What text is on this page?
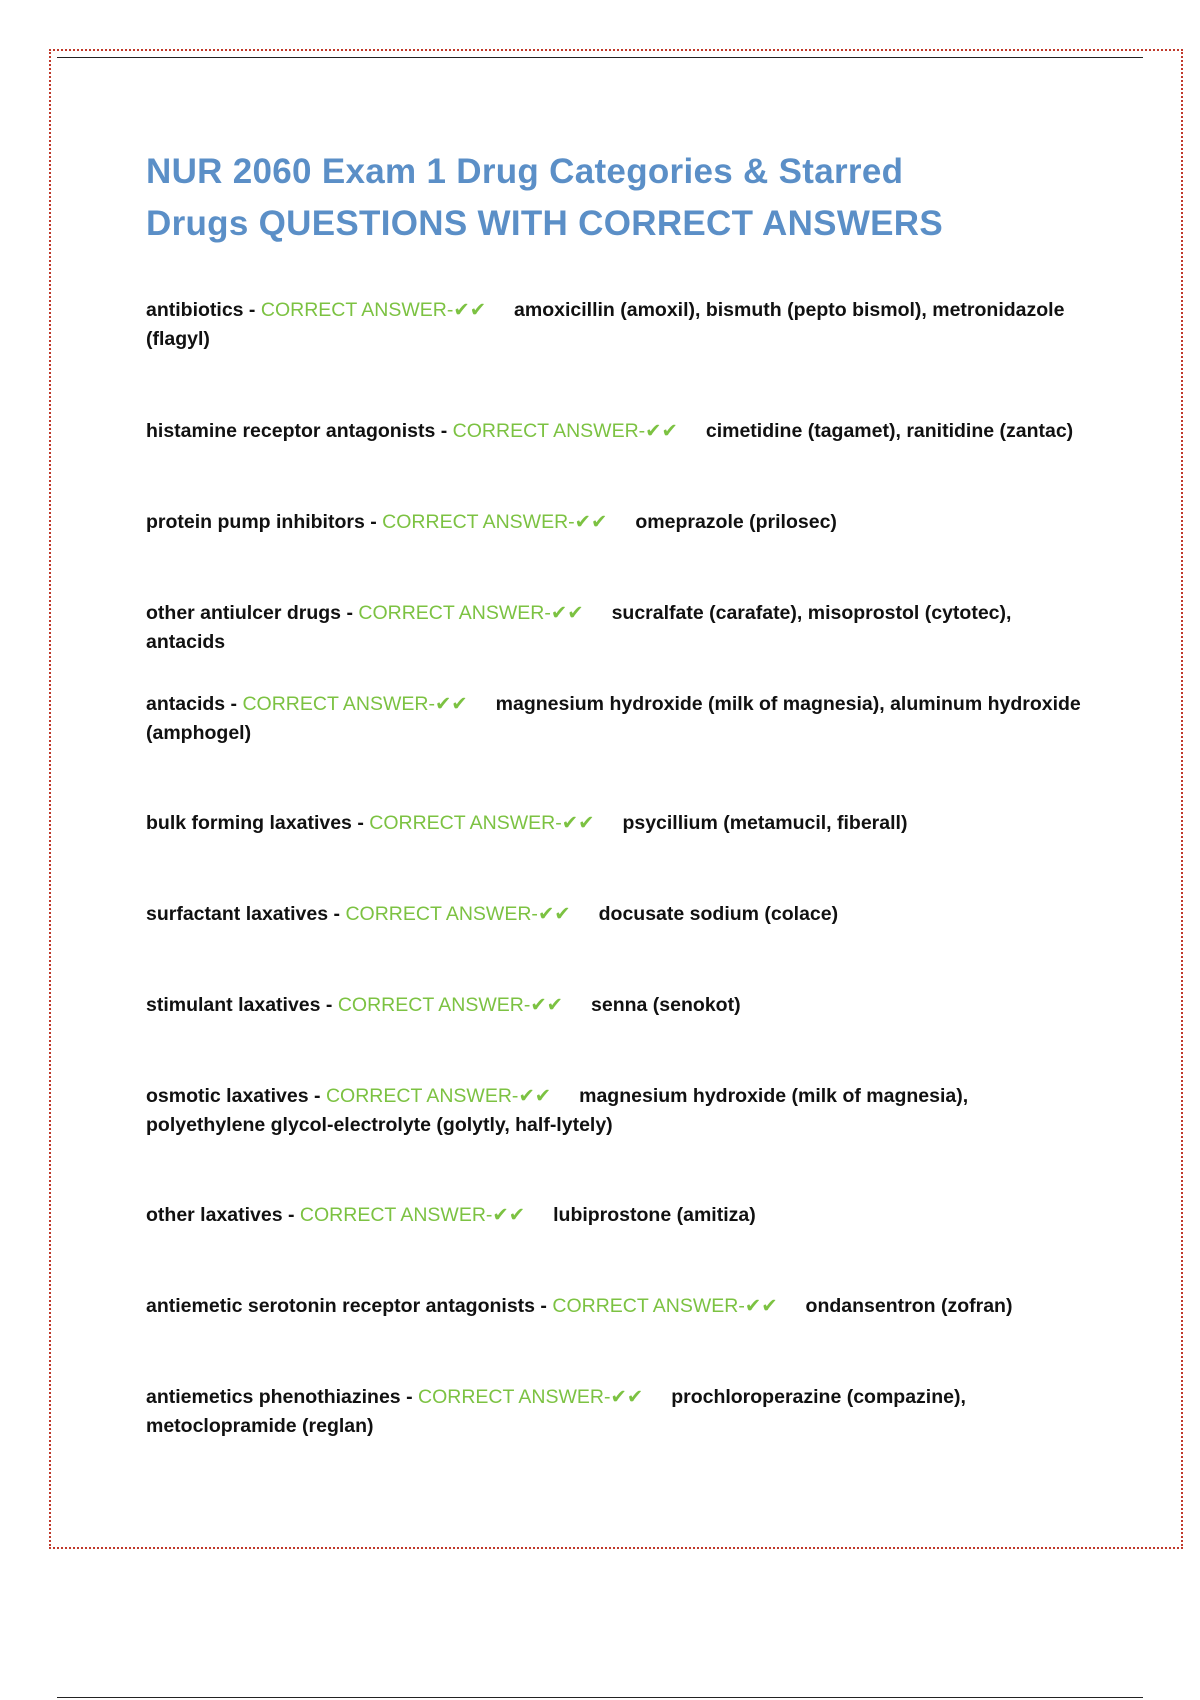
NUR 2060 Exam 1 Drug Categories & Starred
Drugs QUESTIONS WITH CORRECT ANSWERS
antibiotics - CORRECT ANSWER-✔✔ amoxicillin (amoxil), bismuth (pepto bismol), metronidazole (flagyl)
histamine receptor antagonists - CORRECT ANSWER-✔✔ cimetidine (tagamet), ranitidine (zantac)
protein pump inhibitors - CORRECT ANSWER-✔✔ omeprazole (prilosec)
other antiulcer drugs - CORRECT ANSWER-✔✔ sucralfate (carafate), misoprostol (cytotec), antacids
antacids - CORRECT ANSWER-✔✔ magnesium hydroxide (milk of magnesia), aluminum hydroxide (amphogel)
bulk forming laxatives - CORRECT ANSWER-✔✔ psycillium (metamucil, fiberall)
surfactant laxatives - CORRECT ANSWER-✔✔ docusate sodium (colace)
stimulant laxatives - CORRECT ANSWER-✔✔ senna (senokot)
osmotic laxatives - CORRECT ANSWER-✔✔ magnesium hydroxide (milk of magnesia), polyethylene glycol-electrolyte (golytly, half-lytely)
other laxatives - CORRECT ANSWER-✔✔ lubiprostone (amitiza)
antiemetic serotonin receptor antagonists - CORRECT ANSWER-✔✔ ondansentron (zofran)
antiemetics phenothiazines - CORRECT ANSWER-✔✔ prochloroperazine (compazine), metoclopramide (reglan)
